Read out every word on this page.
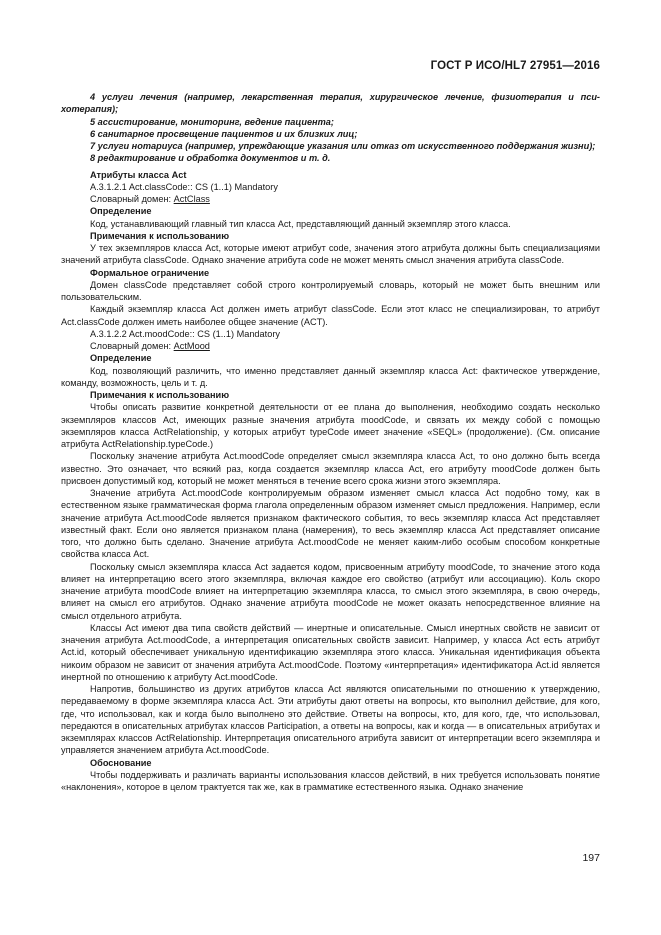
ГОСТ Р ИСО/HL7 27951—2016

4 услуги лечения (например, лекарственная терапия, хирургическое лечение, физиотерапия и пси-хотерапия);

5 ассистирование, мониторинг, ведение пациента;

6 санитарное просвещение пациентов и их близких лиц;

7 услуги нотариуса (например, упреждающие указания или отказ от искусственного поддержания жизни);

8 редактирование и обработка документов и т. д.

Атрибуты класса Act

A.3.1.2.1 Act.classCode:: CS (1..1) Mandatory

Словарный домен: ActClass

Определение

Код, устанавливающий главный тип класса Act, представляющий данный экземпляр этого класса.

Примечания к использованию

У тех экземпляров класса Act, которые имеют атрибут code, значения этого атрибута должны быть специализациями значений атрибута classCode. Однако значение атрибута code не может менять смысл значения атрибута classCode.

Формальное ограничение

Домен classCode представляет собой строго контролируемый словарь, который не может быть внешним или пользовательским.

Каждый экземпляр класса Act должен иметь атрибут classCode. Если этот класс не специализирован, то атрибут Act.classCode должен иметь наиболее общее значение (ACT).

A.3.1.2.2 Act.moodCode:: CS (1..1) Mandatory

Словарный домен: ActMood

Определение

Код, позволяющий различить, что именно представляет данный экземпляр класса Act: фактическое утверждение, команду, возможность, цель и т. д.

Примечания к использованию

Чтобы описать развитие конкретной деятельности от ее плана до выполнения, необходимо создать несколько экземпляров классов Act, имеющих разные значения атрибута moodCode, и связать их между собой с помощью экземпляров класса ActRelationship, у которых атрибут typeCode имеет значение «SEQL» (продолжение). (См. описание атрибута ActRelationship.typeCode.)

Поскольку значение атрибута Act.moodCode определяет смысл экземпляра класса Act, то оно должно быть всегда известно. Это означает, что всякий раз, когда создается экземпляр класса Act, его атрибуту moodCode должен быть присвоен допустимый код, который не может меняться в течение всего срока жизни этого экземпляра.

Значение атрибута Act.moodCode контролируемым образом изменяет смысл класса Act подобно тому, как в естественном языке грамматическая форма глагола определенным образом изменяет смысл предложения. Например, если значение атрибута Act.moodCode является признаком фактического события, то весь экземпляр класса Act представляет известный факт. Если оно является признаком плана (намерения), то весь экземпляр класса Act представляет описание того, что должно быть сделано. Значение атрибута Act.moodCode не меняет каким-либо особым способом конкретные свойства класса Act.

Поскольку смысл экземпляра класса Act задается кодом, присвоенным атрибуту moodCode, то значение этого кода влияет на интерпретацию всего этого экземпляра, включая каждое его свойство (атрибут или ассоциацию). Коль скоро значение атрибута moodCode влияет на интерпретацию экземпляра класса, то смысл этого экземпляра, в свою очередь, влияет на смысл его атрибутов. Однако значение атрибута moodCode не может оказать непосредственное влияние на смысл отдельного атрибута.

Классы Act имеют два типа свойств действий — инертные и описательные. Смысл инертных свойств не зависит от значения атрибута Act.moodCode, а интерпретация описательных свойств зависит. Например, у класса Act есть атрибут Act.id, который обеспечивает уникальную идентификацию экземпляра этого класса. Уникальная идентификация объекта никоим образом не зависит от значения атрибута Act.moodCode. Поэтому «интерпретация» идентификатора Act.id является инертной по отношению к атрибуту Act.moodCode.

Напротив, большинство из других атрибутов класса Act являются описательными по отношению к утверждению, передаваемому в форме экземпляра класса Act. Эти атрибуты дают ответы на вопросы, кто выполнил действие, для кого, где, что использовал, как и когда было выполнено это действие. Ответы на вопросы, кто, для кого, где, что использовал, передаются в описательных атрибутах классов Participation, а ответы на вопросы, как и когда — в описательных атрибутах и экземплярах классов ActRelationship. Интерпретация описательного атрибута зависит от интерпретации всего экземпляра и управляется значением атрибута Act.moodCode.

Обоснование

Чтобы поддерживать и различать варианты использования классов действий, в них требуется использовать понятие «наклонения», которое в целом трактуется так же, как в грамматике естественного языка. Однако значение

197
